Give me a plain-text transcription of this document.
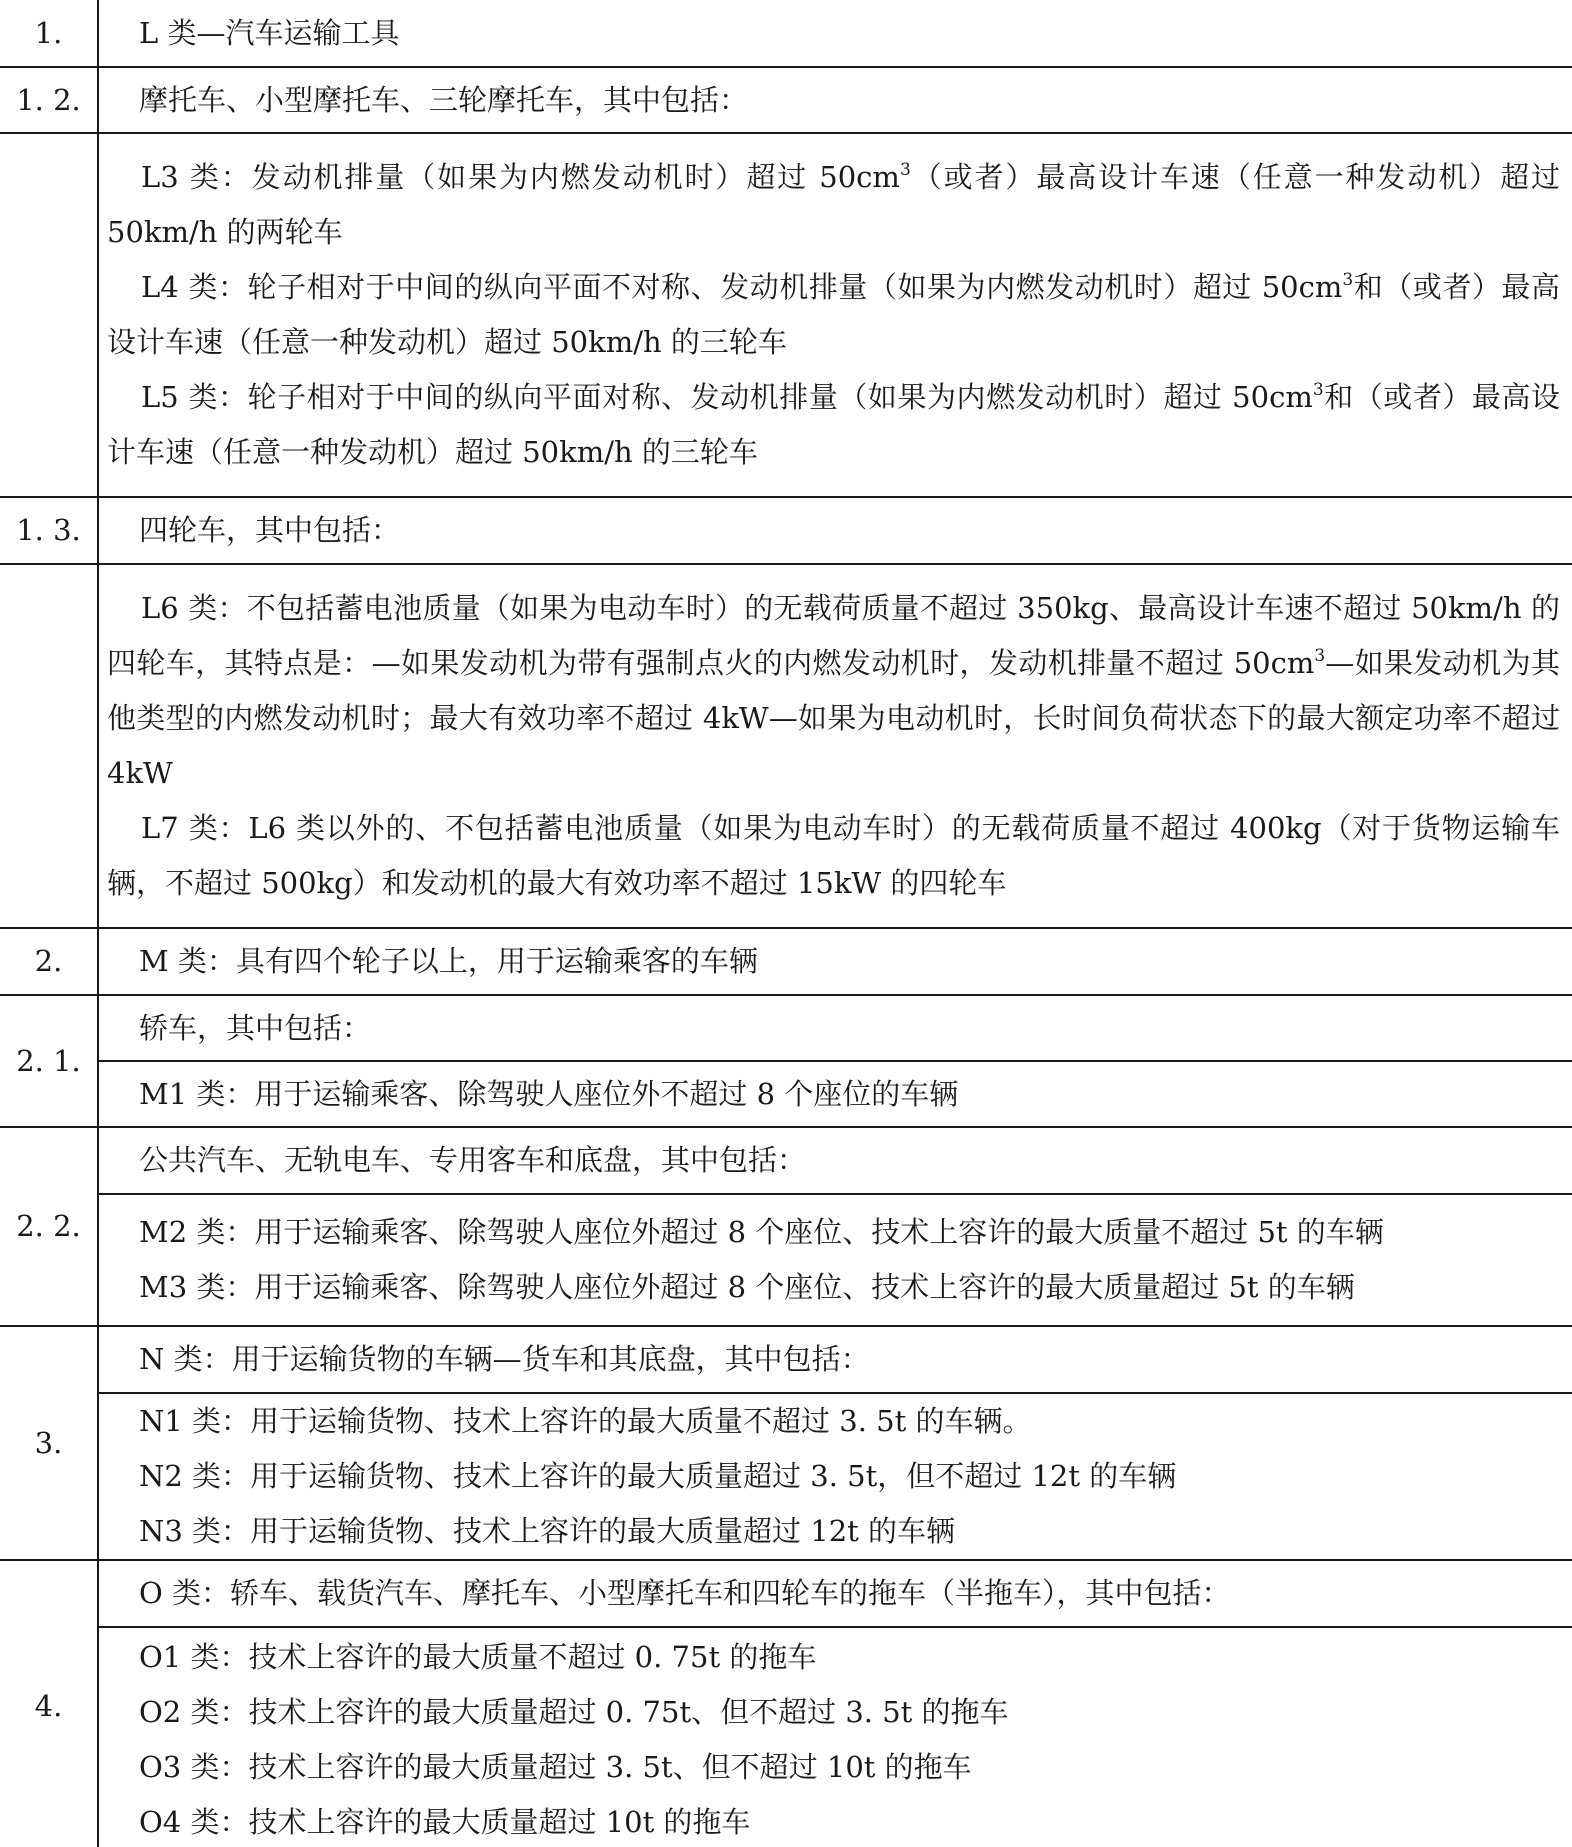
1.	L 类—汽车运输工具
1. 2.	摩托车、小型摩托车、三轮摩托车，其中包括：

	L3 类：发动机排量（如果为内燃发动机时）超过 $50cm^3$（或者）最高设计车速（任意一种发动机）超过 50km/h 的两轮车
L4 类：轮子相对于中间的纵向平面不对称、发动机排量（如果为内燃发动机时）超过 $50cm^3$和（或者）最高设计车速（任意一种发动机）超过 50km/h 的三轮车
L5 类：轮子相对于中间的纵向平面对称、发动机排量（如果为内燃发动机时）超过 $50cm^3$和（或者）最高设计车速（任意一种发动机）超过 50km/h 的三轮车

1. 3.	四轮车，其中包括：

	L6 类：不包括蓄电池质量（如果为电动车时）的无载荷质量不超过 350kg、最高设计车速不超过 50km/h 的四轮车，其特点是：—如果发动机为带有强制点火的内燃发动机时，发动机排量不超过 $50cm^3—$如果发动机为其他类型的内燃发动机时；最大有效功率不超过 4kW—如果为电动机时，长时间负荷状态下的最大额定功率不超过 4kW
L7 类：L6 类以外的、不包括蓄电池质量（如果为电动车时）的无载荷质量不超过 400kg（对于货物运输车辆，不超过 500kg）和发动机的最大有效功率不超过 15kW 的四轮车

2.	M 类：具有四个轮子以上，用于运输乘客的车辆
2. 1.	轿车，其中包括：
	M1 类：用于运输乘客、除驾驶人座位外不超过 8 个座位的车辆
2. 2.	公共汽车、无轨电车、专用客车和底盘，其中包括：

	M2 类：用于运输乘客、除驾驶人座位外超过 8 个座位、技术上容许的最大质量不超过 5t 的车辆
M3 类：用于运输乘客、除驾驶人座位外超过 8 个座位、技术上容许的最大质量超过 5t 的车辆

3.	N 类：用于运输货物的车辆—货车和其底盘，其中包括：

	N1 类：用于运输货物、技术上容许的最大质量不超过 3. 5t 的车辆。
N2 类：用于运输货物、技术上容许的最大质量超过 3. 5t，但不超过 12t 的车辆
N3 类：用于运输货物、技术上容许的最大质量超过 12t 的车辆

4.	O 类：轿车、载货汽车、摩托车、小型摩托车和四轮车的拖车（半拖车），其中包括：

	O1 类：技术上容许的最大质量不超过 0. 75t 的拖车
O2 类：技术上容许的最大质量超过 0. 75t、但不超过 3. 5t 的拖车
O3 类：技术上容许的最大质量超过 3. 5t、但不超过 10t 的拖车
O4 类：技术上容许的最大质量超过 10t 的拖车
